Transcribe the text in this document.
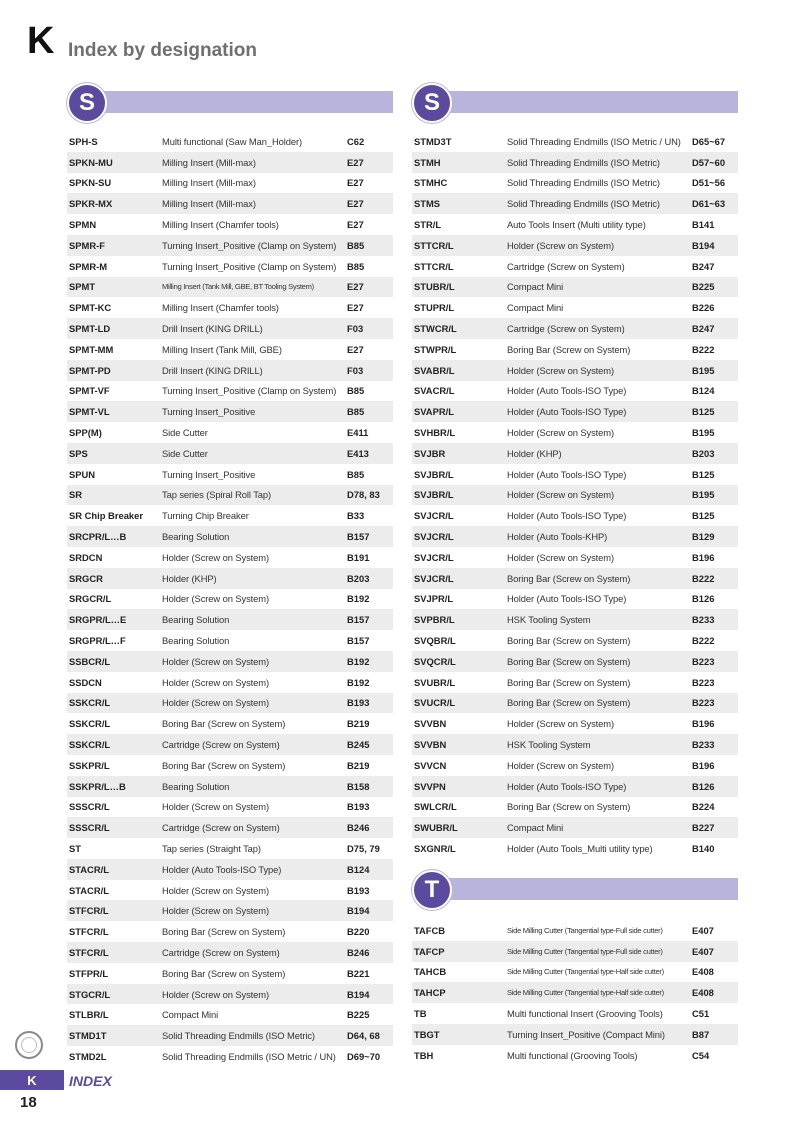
K Index by designation
S	S
T
SPH-S	Multi functional (Saw Man_Holder)	C62
SPKN-MU	Milling Insert (Mill-max)	E27
SPKN-SU	Milling Insert (Mill-max)	E27
SPKR-MX	Milling Insert (Mill-max)	E27
SPMN	Milling Insert (Chamfer tools)	E27
SPMR-F	Turning Insert_Positive (Clamp on System)	B85
SPMR-M	Turning Insert_Positive (Clamp on System)	B85
SPMT	Milling Insert (Tank Mill, GBE, BT Tooling System)	E27
SPMT-KC	Milling Insert (Chamfer tools)	E27
SPMT-LD	Drill Insert (KING DRILL)	F03
SPMT-MM	Milling Insert (Tank Mill, GBE)	E27
SPMT-PD	Drill Insert (KING DRILL)	F03
SPMT-VF	Turning Insert_Positive (Clamp on System)	B85
SPMT-VL	Turning Insert_Positive	B85
SPP(M)	Side Cutter	E411
SPS	Side Cutter	E413
SPUN	Turning Insert_Positive	B85
SR	Tap series (Spiral Roll Tap)	D78, 83
SR Chip Breaker	Turning Chip Breaker	B33
SRCPR/L…B	Bearing Solution	B157
SRDCN	Holder (Screw on System)	B191
SRGCR	Holder (KHP)	B203
SRGCR/L	Holder (Screw on System)	B192
SRGPR/L…E	Bearing Solution	B157
SRGPR/L…F	Bearing Solution	B157
SSBCR/L	Holder (Screw on System)	B192
SSDCN	Holder (Screw on System)	B192
SSKCR/L	Holder (Screw on System)	B193
SSKCR/L	Boring Bar (Screw on System)	B219
SSKCR/L	Cartridge (Screw on System)	B245
SSKPR/L	Boring Bar (Screw on System)	B219
SSKPR/L…B	Bearing Solution	B158
SSSCR/L	Holder (Screw on System)	B193
SSSCR/L	Cartridge (Screw on System)	B246
ST	Tap series (Straight Tap)	D75, 79
STACR/L	Holder (Auto Tools-ISO Type)	B124
STACR/L	Holder (Screw on System)	B193
STFCR/L	Holder (Screw on System)	B194
STFCR/L	Boring Bar (Screw on System)	B220
STFCR/L	Cartridge (Screw on System)	B246
STFPR/L	Boring Bar (Screw on System)	B221
STGCR/L	Holder (Screw on System)	B194
STLBR/L	Compact Mini	B225
STMD1T	Solid Threading Endmills (ISO Metric)	D64, 68
STMD2L	Solid Threading Endmills (ISO Metric / UN)	D69~70
STMD3T	Solid Threading Endmills (ISO Metric / UN)	D65~67
STMH	Solid Threading Endmills (ISO Metric)	D57~60
STMHC	Solid Threading Endmills (ISO Metric)	D51~56
STMS	Solid Threading Endmills (ISO Metric)	D61~63
STR/L	Auto Tools Insert (Multi utility type)	B141
STTCR/L	Holder (Screw on System)	B194
STTCR/L	Cartridge (Screw on System)	B247
STUBR/L	Compact Mini	B225
STUPR/L	Compact Mini	B226
STWCR/L	Cartridge (Screw on System)	B247
STWPR/L	Boring Bar (Screw on System)	B222
SVABR/L	Holder (Screw on System)	B195
SVACR/L	Holder (Auto Tools-ISO Type)	B124
SVAPR/L	Holder (Auto Tools-ISO Type)	B125
SVHBR/L	Holder (Screw on System)	B195
SVJBR	Holder (KHP)	B203
SVJBR/L	Holder (Auto Tools-ISO Type)	B125
SVJBR/L	Holder (Screw on System)	B195
SVJCR/L	Holder (Auto Tools-ISO Type)	B125
SVJCR/L	Holder (Auto Tools-KHP)	B129
SVJCR/L	Holder (Screw on System)	B196
SVJCR/L	Boring Bar (Screw on System)	B222
SVJPR/L	Holder (Auto Tools-ISO Type)	B126
SVPBR/L	HSK Tooling System	B233
SVQBR/L	Boring Bar (Screw on System)	B222
SVQCR/L	Boring Bar (Screw on System)	B223
SVUBR/L	Boring Bar (Screw on System)	B223
SVUCR/L	Boring Bar (Screw on System)	B223
SVVBN	Holder (Screw on System)	B196
SVVBN	HSK Tooling System	B233
SVVCN	Holder (Screw on System)	B196
SVVPN	Holder (Auto Tools-ISO Type)	B126
SWLCR/L	Boring Bar (Screw on System)	B224
SWUBR/L	Compact Mini	B227
SXGNR/L	Holder (Auto Tools_Multi utility type)	B140
TAFCB	Side Milling Cutter (Tangential type-Full side cutter)	E407
TAFCP	Side Milling Cutter (Tangential type-Full side cutter)	E407
TAHCB	Side Milling Cutter (Tangential type-Half side cutter)	E408
TAHCP	Side Milling Cutter (Tangential type-Half side cutter)	E408
TB	Multi functional Insert (Grooving Tools)	C51
TBGT	Turning Insert_Positive (Compact Mini)	B87
TBH	Multi functional (Grooving Tools)	C54
K	INDEX
18
